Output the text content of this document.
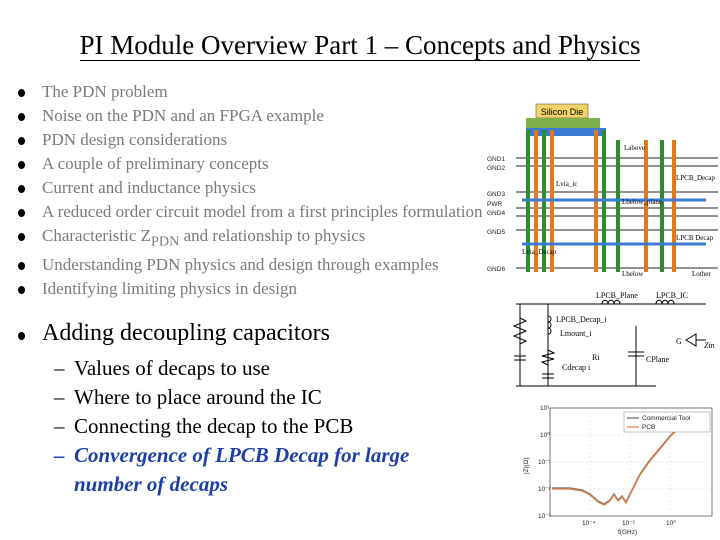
PI Module Overview Part 1 – Concepts and Physics
The PDN problem
Noise on the PDN and an FPGA example
PDN design considerations
A couple of preliminary concepts
Current and inductance physics
A reduced order circuit model from a first principles formulation
Characteristic $Z_{PDN}$ and relationship to physics
Understanding PDN physics and design through examples
Identifying limiting physics in design
Adding decoupling capacitors
– Values of decaps to use
– Where to place around the IC
– Connecting the decap to the PCB
– Convergence of LPCB Decap for large number of decaps
Silicon Die
GND1
GND2
GND3
PWR
GND4
GND5
GND6
Labove
Lvia_ic
LPCB_Decap
Lbelow_plane
Lvia_Decap
LPCB Decap
Lbelow	Lother
LPCB_Decap_i
Lmount_i
Ri
Cdecap i
LPCB_Plane LPCB_IC
CPlane
G	Zin
Commercial Tool
PCB
10¹
10⁰
10⁻¹
10⁻²
10⁻³
10⁻⁴	10⁻²	10⁰
f(GHz)
|Z|(Ω)
